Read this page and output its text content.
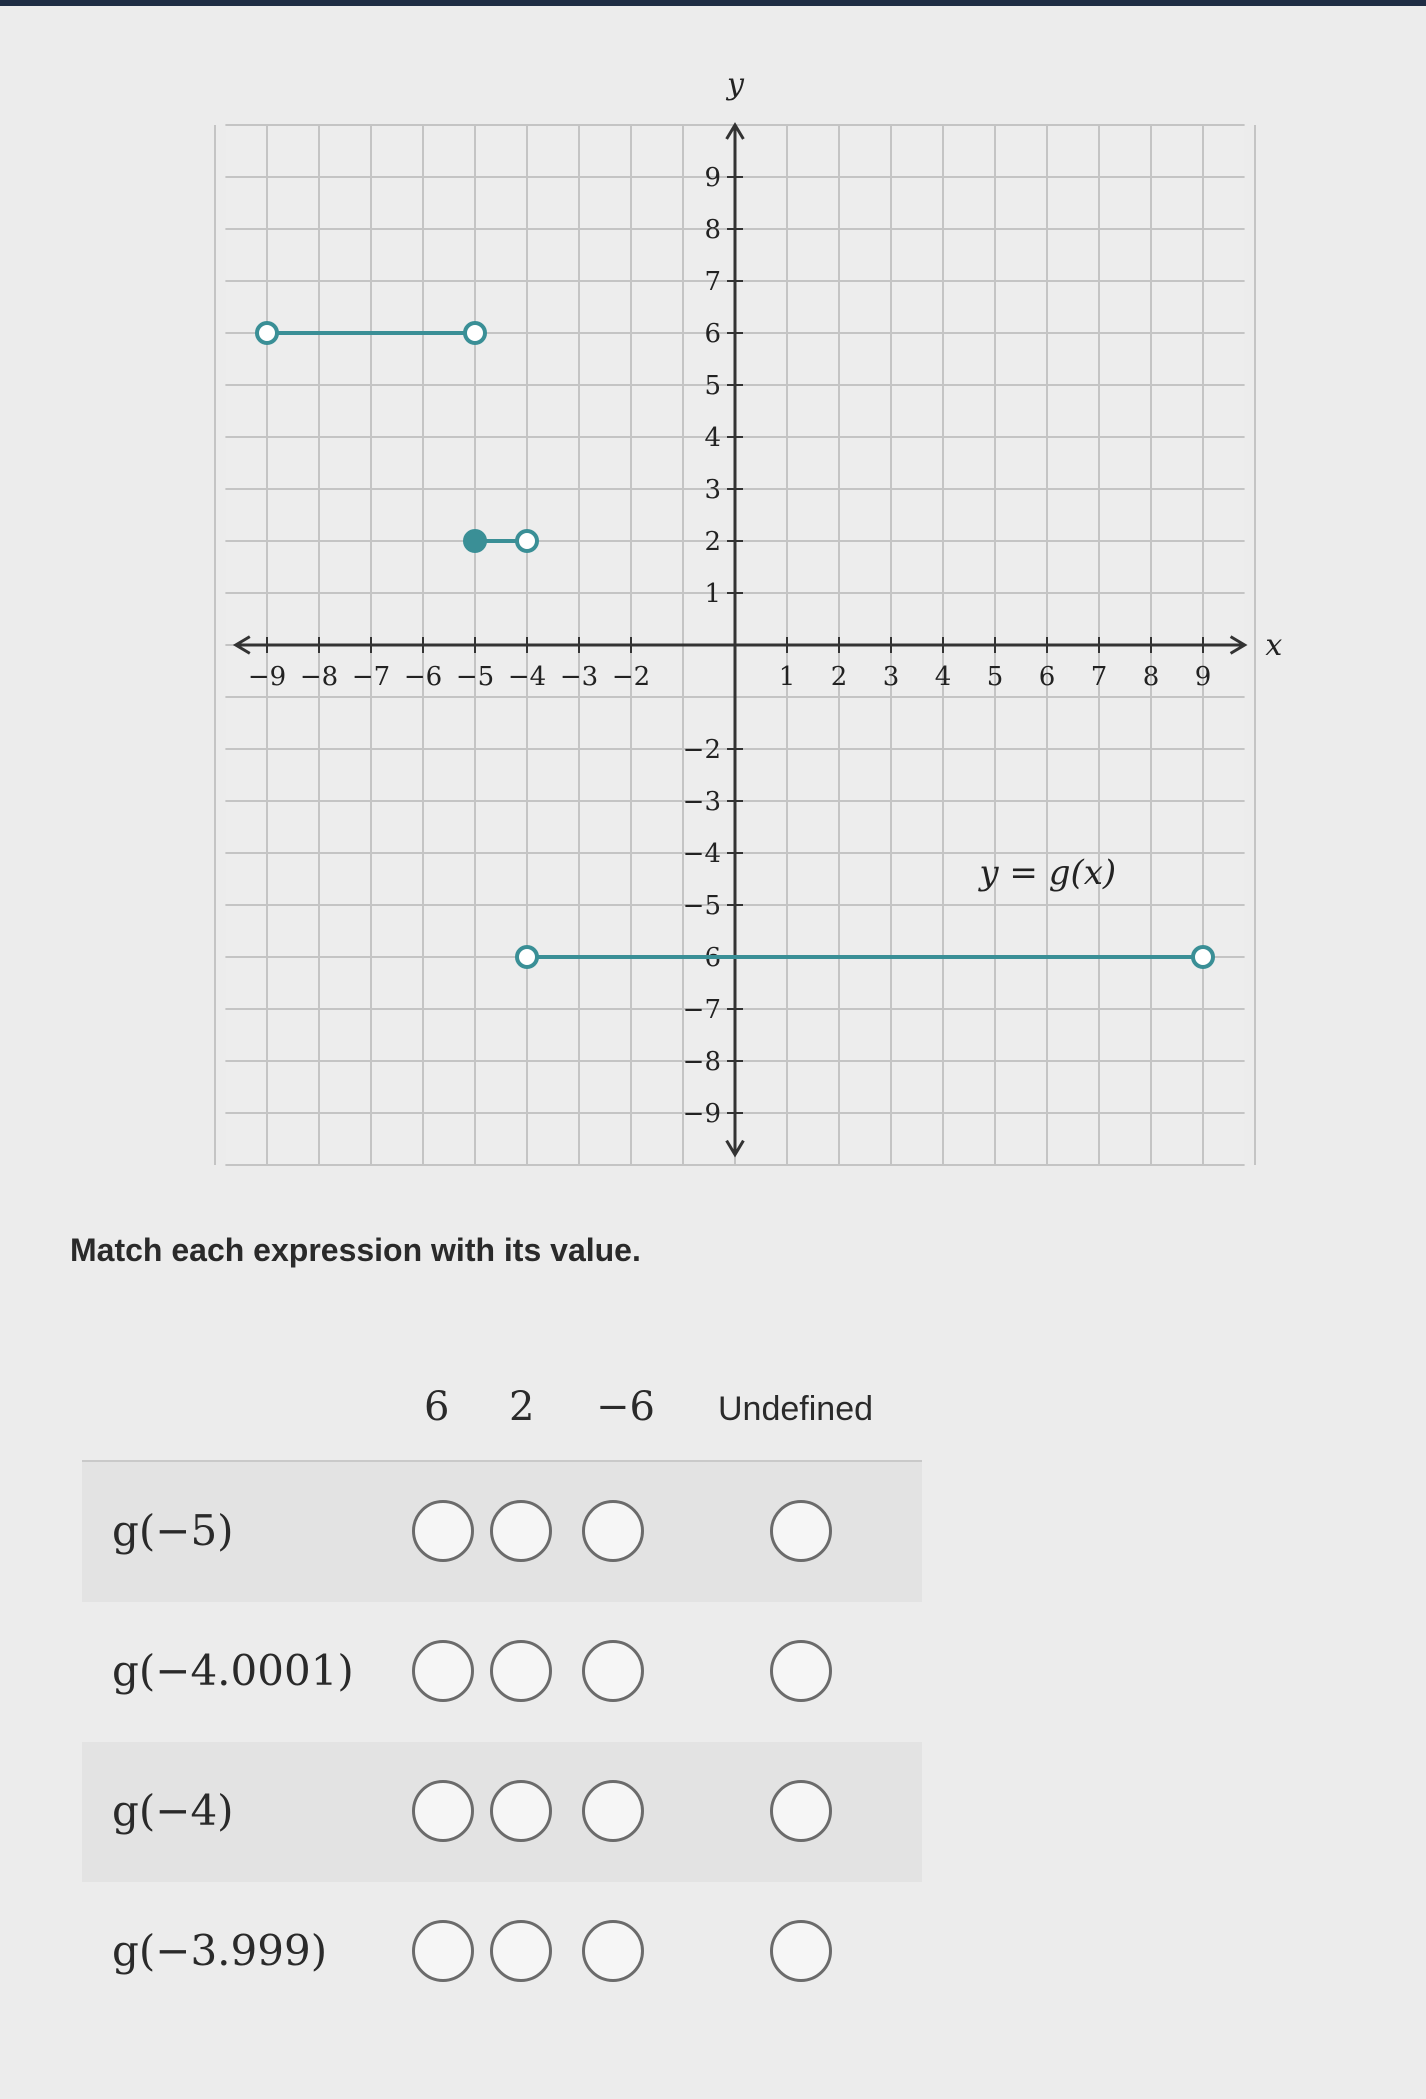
−9 −8 −7 −6 −5 −4 −3 −2	1 2 3 4 5 6 7 8 9
9
8
7
6
5
4
3
2
1
−2
−3
−4
−5
−6
−7
−8
−9
x
y
y = g(x)
Match each expression with its value.
6 2 −6 Undefined
g(−5)
g(−4.0001)
g(−4)
g(−3.999)
